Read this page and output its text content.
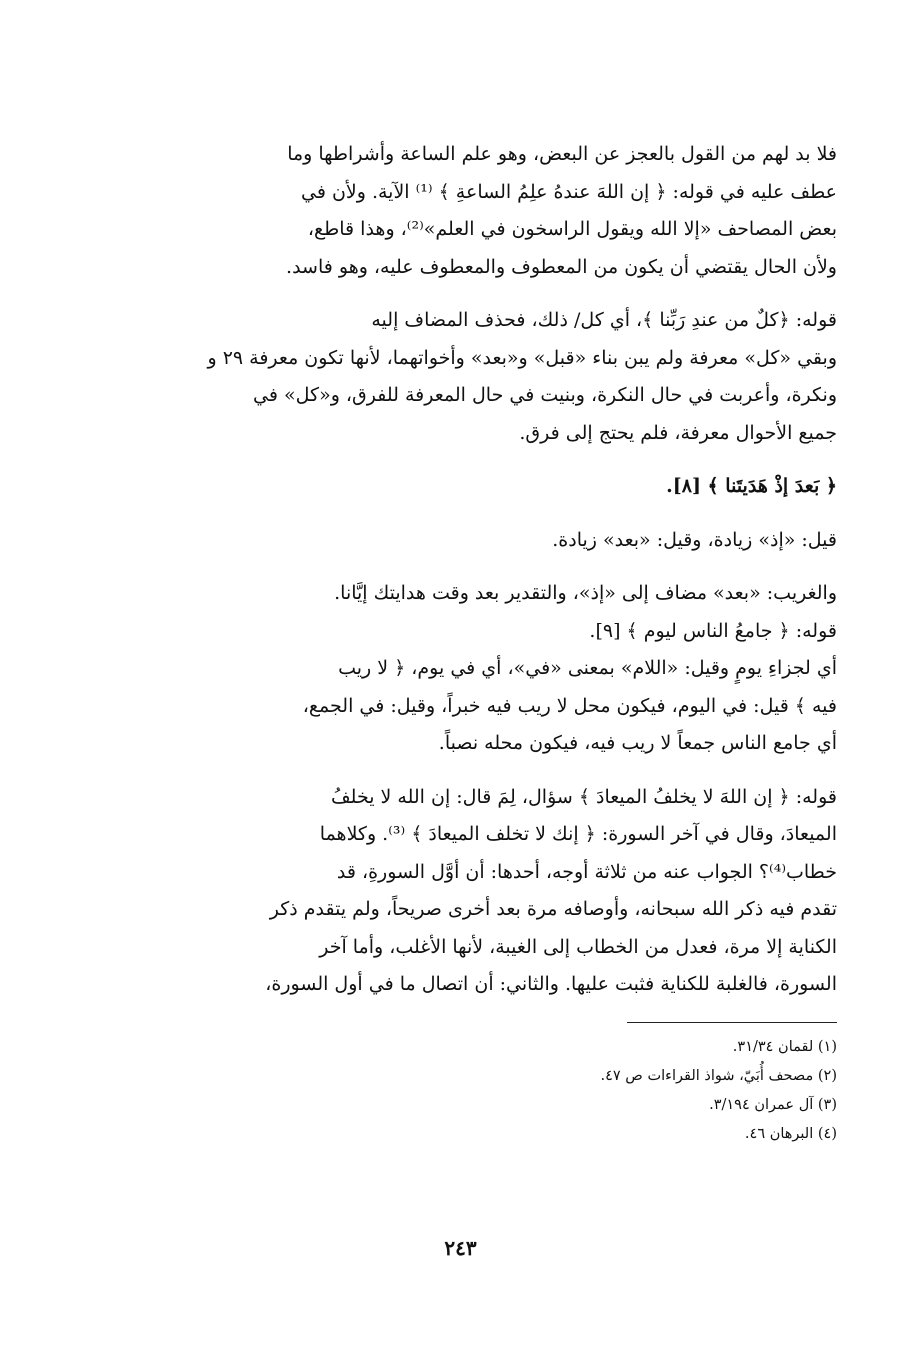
فلا بد لهم من القول بالعجز عن البعض، وهو علم الساعة وأشراطها وما
عطف عليه في قوله: ﴿ إن اللهَ عندهُ علِمُ الساعةِ ﴾ ⁽¹⁾ الآية. ولأن في
بعض المصاحف «إلا الله ويقول الراسخون في العلم»⁽²⁾، وهذا قاطع،
ولأن الحال يقتضي أن يكون من المعطوف والمعطوف عليه، وهو فاسد.

قوله: ﴿كلٌ من عندِ رَبِّنا ﴾، أي كل/ ذلك، فحذف المضاف إليه
وبقي «كل» معرفة ولم يبن بناء «قبل» و«بعد» وأخواتهما، لأنها تكون معرفة ٢٩ و
ونكرة، وأعربت في حال النكرة، وبنيت في حال المعرفة للفرق، و«كل» في
جميع الأحوال معرفة، فلم يحتج إلى فرق.

﴿ بَعدَ إذْ هَدَيتَنا ﴾ [٨].

قيل: «إذ» زيادة، وقيل: «بعد» زيادة.

والغريب: «بعد» مضاف إلى «إذ»، والتقدير بعد وقت هدايتك إيَّانا.
قوله: ﴿ جامعُ الناس ليوم ﴾ [٩].

أي لجزاءِ يومٍ وقيل: «اللام» بمعنى «في»، أي في يوم، ﴿ لا ريب
فيه ﴾ قيل: في اليوم، فيكون محل لا ريب فيه خبراً، وقيل: في الجمع،
أي جامع الناس جمعاً لا ريب فيه، فيكون محله نصباً.

قوله: ﴿ إن اللهَ لا يخلفُ الميعادَ ﴾ سؤال، لِمَ قال: إن الله لا يخلفُ
الميعادَ، وقال في آخر السورة: ﴿ إنك لا تخلف الميعادَ ﴾ ⁽³⁾. وكلاهما
خطاب⁽⁴⁾؟ الجواب عنه من ثلاثة أوجه، أحدها: أن أوَّل السورةِ، قد
تقدم فيه ذكر الله سبحانه، وأوصافه مرة بعد أخرى صريحاً، ولم يتقدم ذكر
الكناية إلا مرة، فعدل من الخطاب إلى الغيبة، لأنها الأغلب، وأما آخر
السورة، فالغلبة للكناية فثبت عليها. والثاني: أن اتصال ما في أول السورة،

(١) لقمان ٣١/٣٤.
(٢) مصحف أُبَيّ، شواذ القراءات ص ٤٧.
(٣) آل عمران ٣/١٩٤.
(٤) البرهان ٤٦.
٢٤٣
